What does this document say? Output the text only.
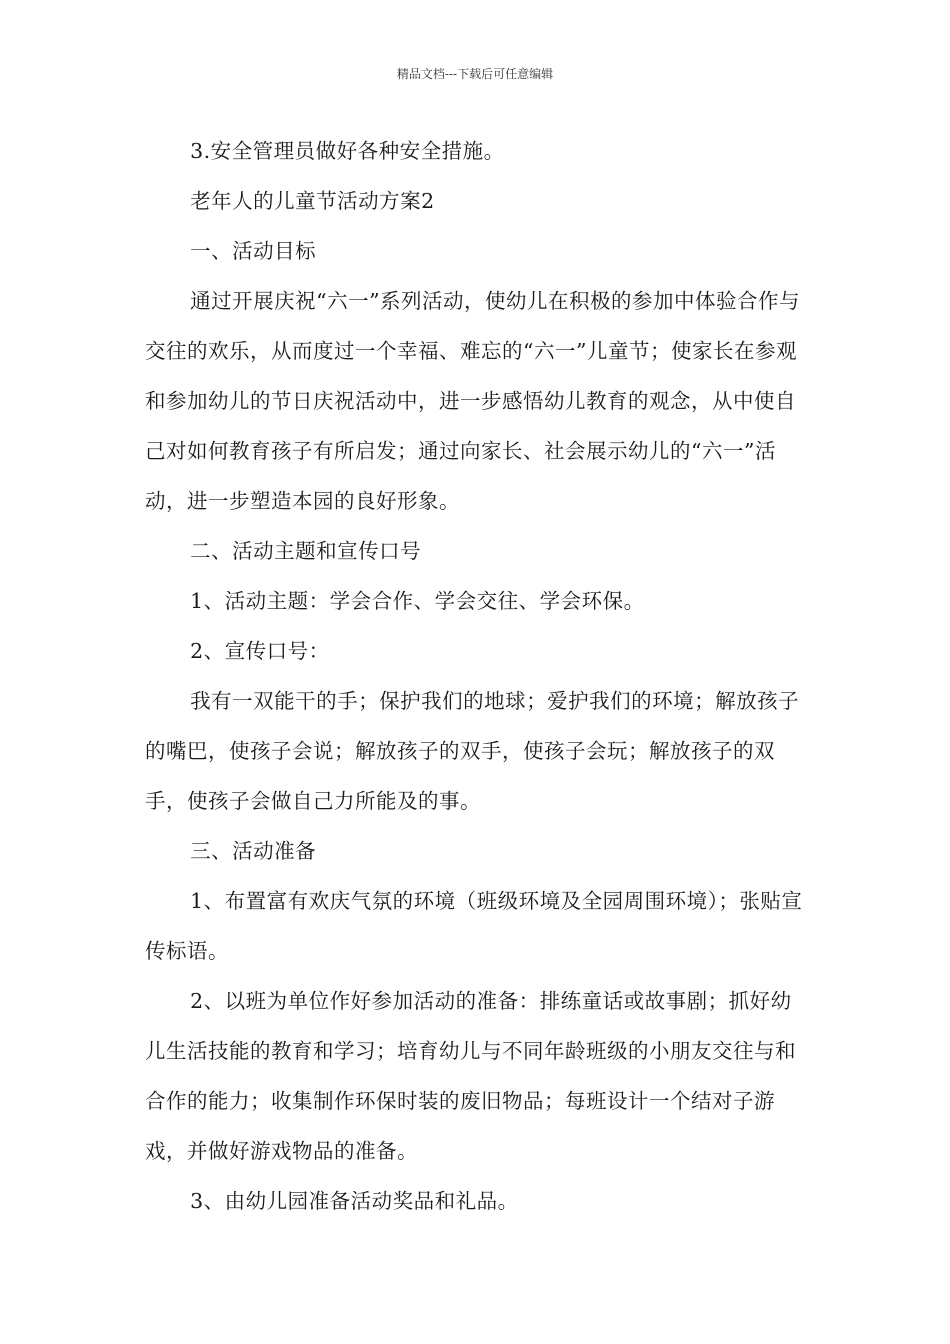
精品文档---下载后可任意编辑

3.安全管理员做好各种安全措施。

老年人的儿童节活动方案2

一、活动目标

通过开展庆祝“六一”系列活动，使幼儿在积极的参加中体验合作与交往的欢乐，从而度过一个幸福、难忘的“六一”儿童节；使家长在参观和参加幼儿的节日庆祝活动中，进一步感悟幼儿教育的观念，从中使自己对如何教育孩子有所启发；通过向家长、社会展示幼儿的“六一”活动，进一步塑造本园的良好形象。

二、活动主题和宣传口号

1、活动主题：学会合作、学会交往、学会环保。

2、宣传口号：

我有一双能干的手；保护我们的地球；爱护我们的环境；解放孩子的嘴巴，使孩子会说；解放孩子的双手，使孩子会玩；解放孩子的双手，使孩子会做自己力所能及的事。

三、活动准备

1、布置富有欢庆气氛的环境（班级环境及全园周围环境）；张贴宣传标语。

2、以班为单位作好参加活动的准备：排练童话或故事剧；抓好幼儿生活技能的教育和学习；培育幼儿与不同年龄班级的小朋友交往与和合作的能力；收集制作环保时装的废旧物品；每班设计一个结对子游戏，并做好游戏物品的准备。

3、由幼儿园准备活动奖品和礼品。
